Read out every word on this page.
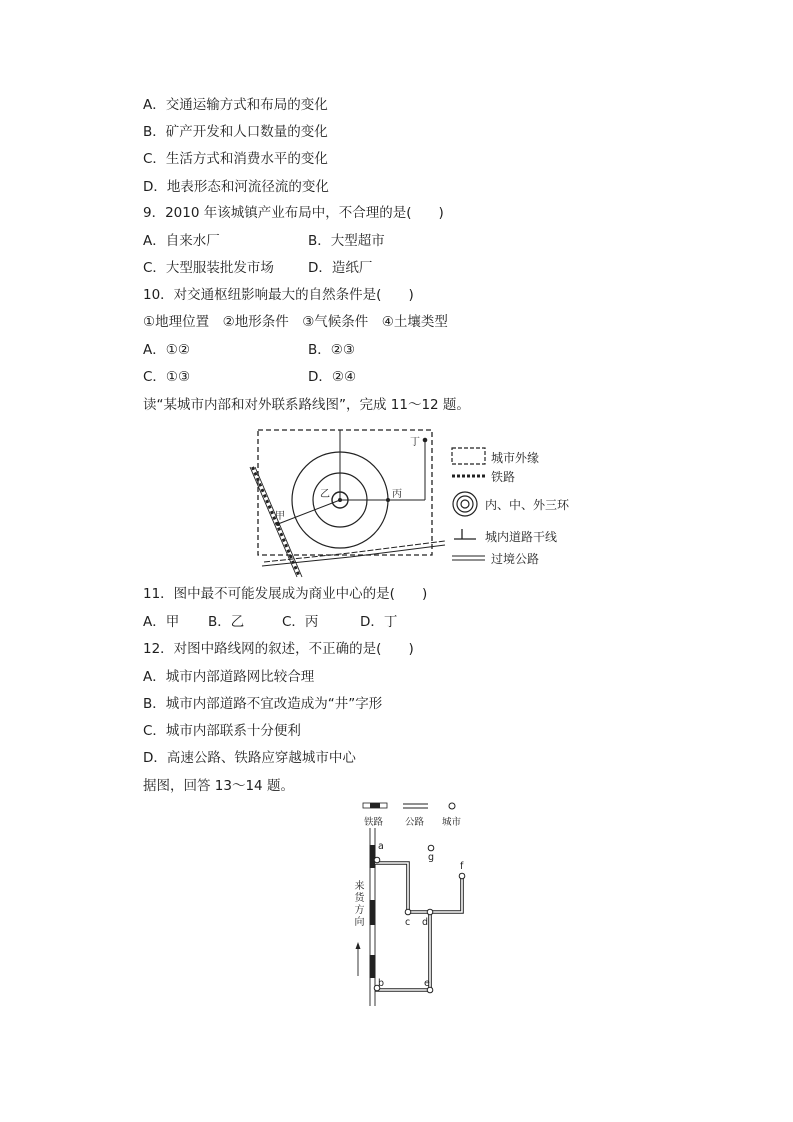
A．交通运输方式和布局的变化
B．矿产开发和人口数量的变化
C．生活方式和消费水平的变化
D．地表形态和河流径流的变化
9．2010 年该城镇产业布局中，不合理的是(　　)
A．自来水厂	B．大型超市
C．大型服装批发市场	D．造纸厂
10．对交通枢纽影响最大的自然条件是(　　)
①地理位置　②地形条件　③气候条件　④土壤类型
A．①②	B．②③
C．①③	D．②④
读“某城市内部和对外联系路线图”，完成 11～12 题。
甲
乙	丙
丁
城市外缘
铁路
内、中、外三环
城内道路干线
过境公路
11．图中最不可能发展成为商业中心的是(　　)
A．甲 B．乙	C．丙	D．丁
12．对图中路线网的叙述，不正确的是(　　)
A．城市内部道路网比较合理
B．城市内部道路不宜改造成为“井”字形
C．城市内部联系十分便利
D．高速公路、铁路应穿越城市中心
据图，回答 13～14 题。
铁路 公路 城市
a
b
c d
e
f
g
来货方向
